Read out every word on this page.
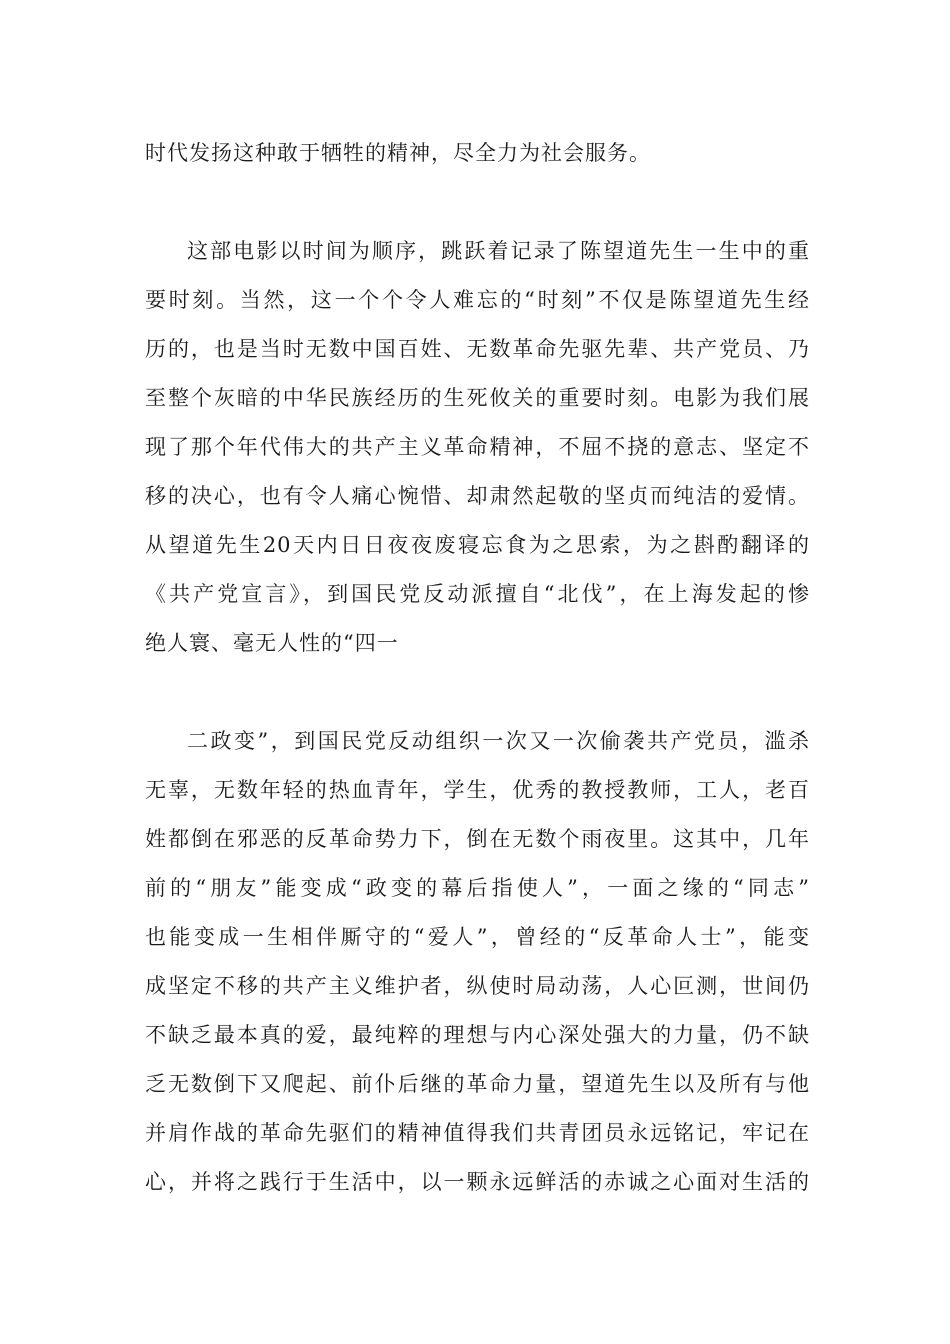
时代发扬这种敢于牺牲的精神，尽全力为社会服务。
这部电影以时间为顺序，跳跃着记录了陈望道先生一生中的重
要时刻。当然，这一个个令人难忘的“时刻”不仅是陈望道先生经
历的，也是当时无数中国百姓、无数革命先驱先辈、共产党员、乃
至整个灰暗的中华民族经历的生死攸关的重要时刻。电影为我们展
现了那个年代伟大的共产主义革命精神，不屈不挠的意志、坚定不
移的决心，也有令人痛心惋惜、却肃然起敬的坚贞而纯洁的爱情。
从望道先生20天内日日夜夜废寝忘食为之思索，为之斟酌翻译的
《共产党宣言》，到国民党反动派擅自“北伐”，在上海发起的惨
绝人寰、毫无人性的“四一
二政变”，到国民党反动组织一次又一次偷袭共产党员，滥杀
无辜，无数年轻的热血青年，学生，优秀的教授教师，工人，老百
姓都倒在邪恶的反革命势力下，倒在无数个雨夜里。这其中，几年
前的“朋友”能变成“政变的幕后指使人”，一面之缘的“同志”
也能变成一生相伴厮守的“爱人”，曾经的“反革命人士”，能变
成坚定不移的共产主义维护者，纵使时局动荡，人心叵测，世间仍
不缺乏最本真的爱，最纯粹的理想与内心深处强大的力量，仍不缺
乏无数倒下又爬起、前仆后继的革命力量，望道先生以及所有与他
并肩作战的革命先驱们的精神值得我们共青团员永远铭记，牢记在
心，并将之践行于生活中，以一颗永远鲜活的赤诚之心面对生活的
